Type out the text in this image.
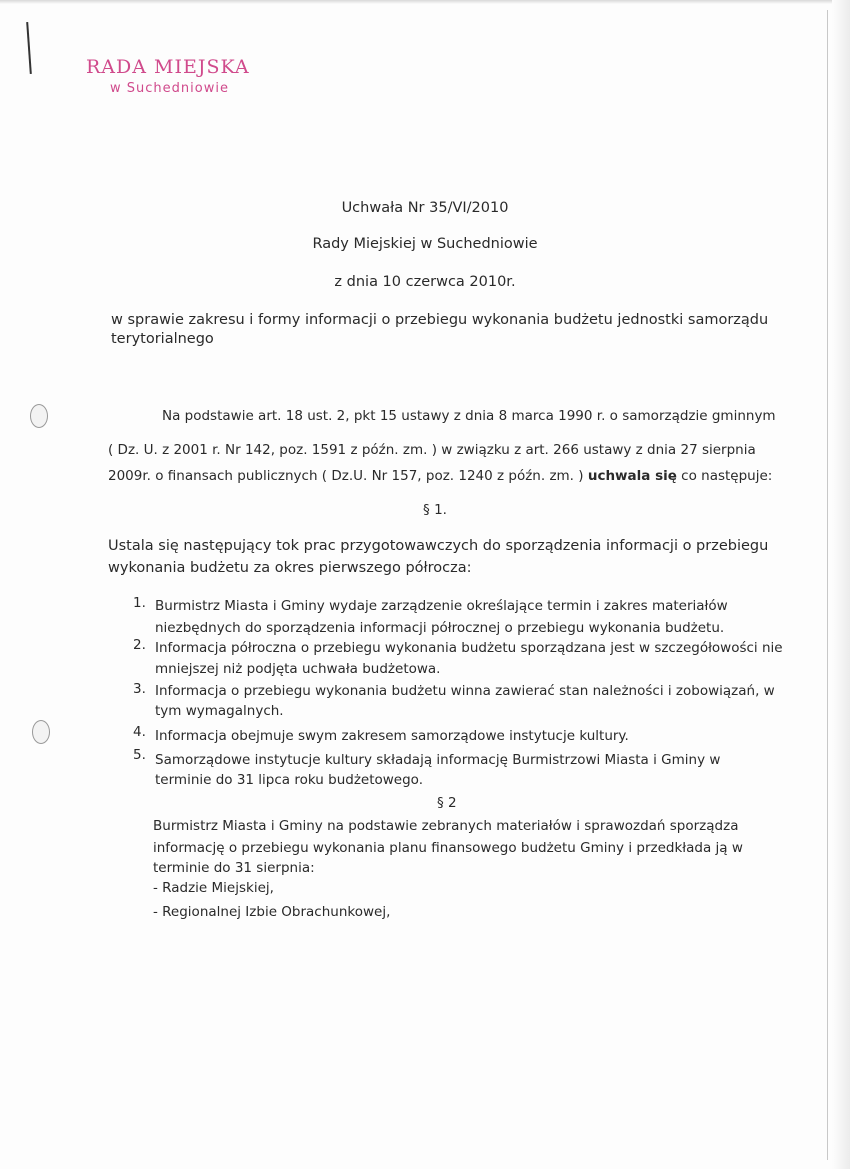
RADA MIEJSKA
w Suchedniowie
Uchwała Nr 35/VI/2010
Rady Miejskiej w Suchedniowie
z dnia 10 czerwca 2010r.
w sprawie zakresu i formy informacji o przebiegu wykonania budżetu jednostki samorządu
terytorialnego
Na podstawie art. 18 ust. 2, pkt 15 ustawy z dnia 8 marca 1990 r. o samorządzie gminnym
( Dz. U. z 2001 r. Nr 142, poz. 1591 z późn. zm. ) w związku z art. 266 ustawy z dnia 27 sierpnia
2009r. o finansach publicznych ( Dz.U. Nr 157, poz. 1240 z późn. zm. ) uchwala się co następuje:
§ 1.
Ustala się następujący tok prac przygotowawczych do sporządzenia informacji o przebiegu
wykonania budżetu za okres pierwszego półrocza:
1. Burmistrz Miasta i Gminy wydaje zarządzenie określające termin i zakres materiałów
niezbędnych do sporządzenia informacji półrocznej o przebiegu wykonania budżetu.
2. Informacja półroczna o przebiegu wykonania budżetu sporządzana jest w szczegółowości nie
mniejszej niż podjęta uchwała budżetowa.
3. Informacja o przebiegu wykonania budżetu winna zawierać stan należności i zobowiązań, w
tym wymagalnych.
4. Informacja obejmuje swym zakresem samorządowe instytucje kultury.
5. Samorządowe instytucje kultury składają informację Burmistrzowi Miasta i Gminy w
terminie do 31 lipca roku budżetowego.
§ 2
Burmistrz Miasta i Gminy na podstawie zebranych materiałów i sprawozdań sporządza
informację o przebiegu wykonania planu finansowego budżetu Gminy i przedkłada ją w
terminie do 31 sierpnia:
- Radzie Miejskiej,
- Regionalnej Izbie Obrachunkowej,
